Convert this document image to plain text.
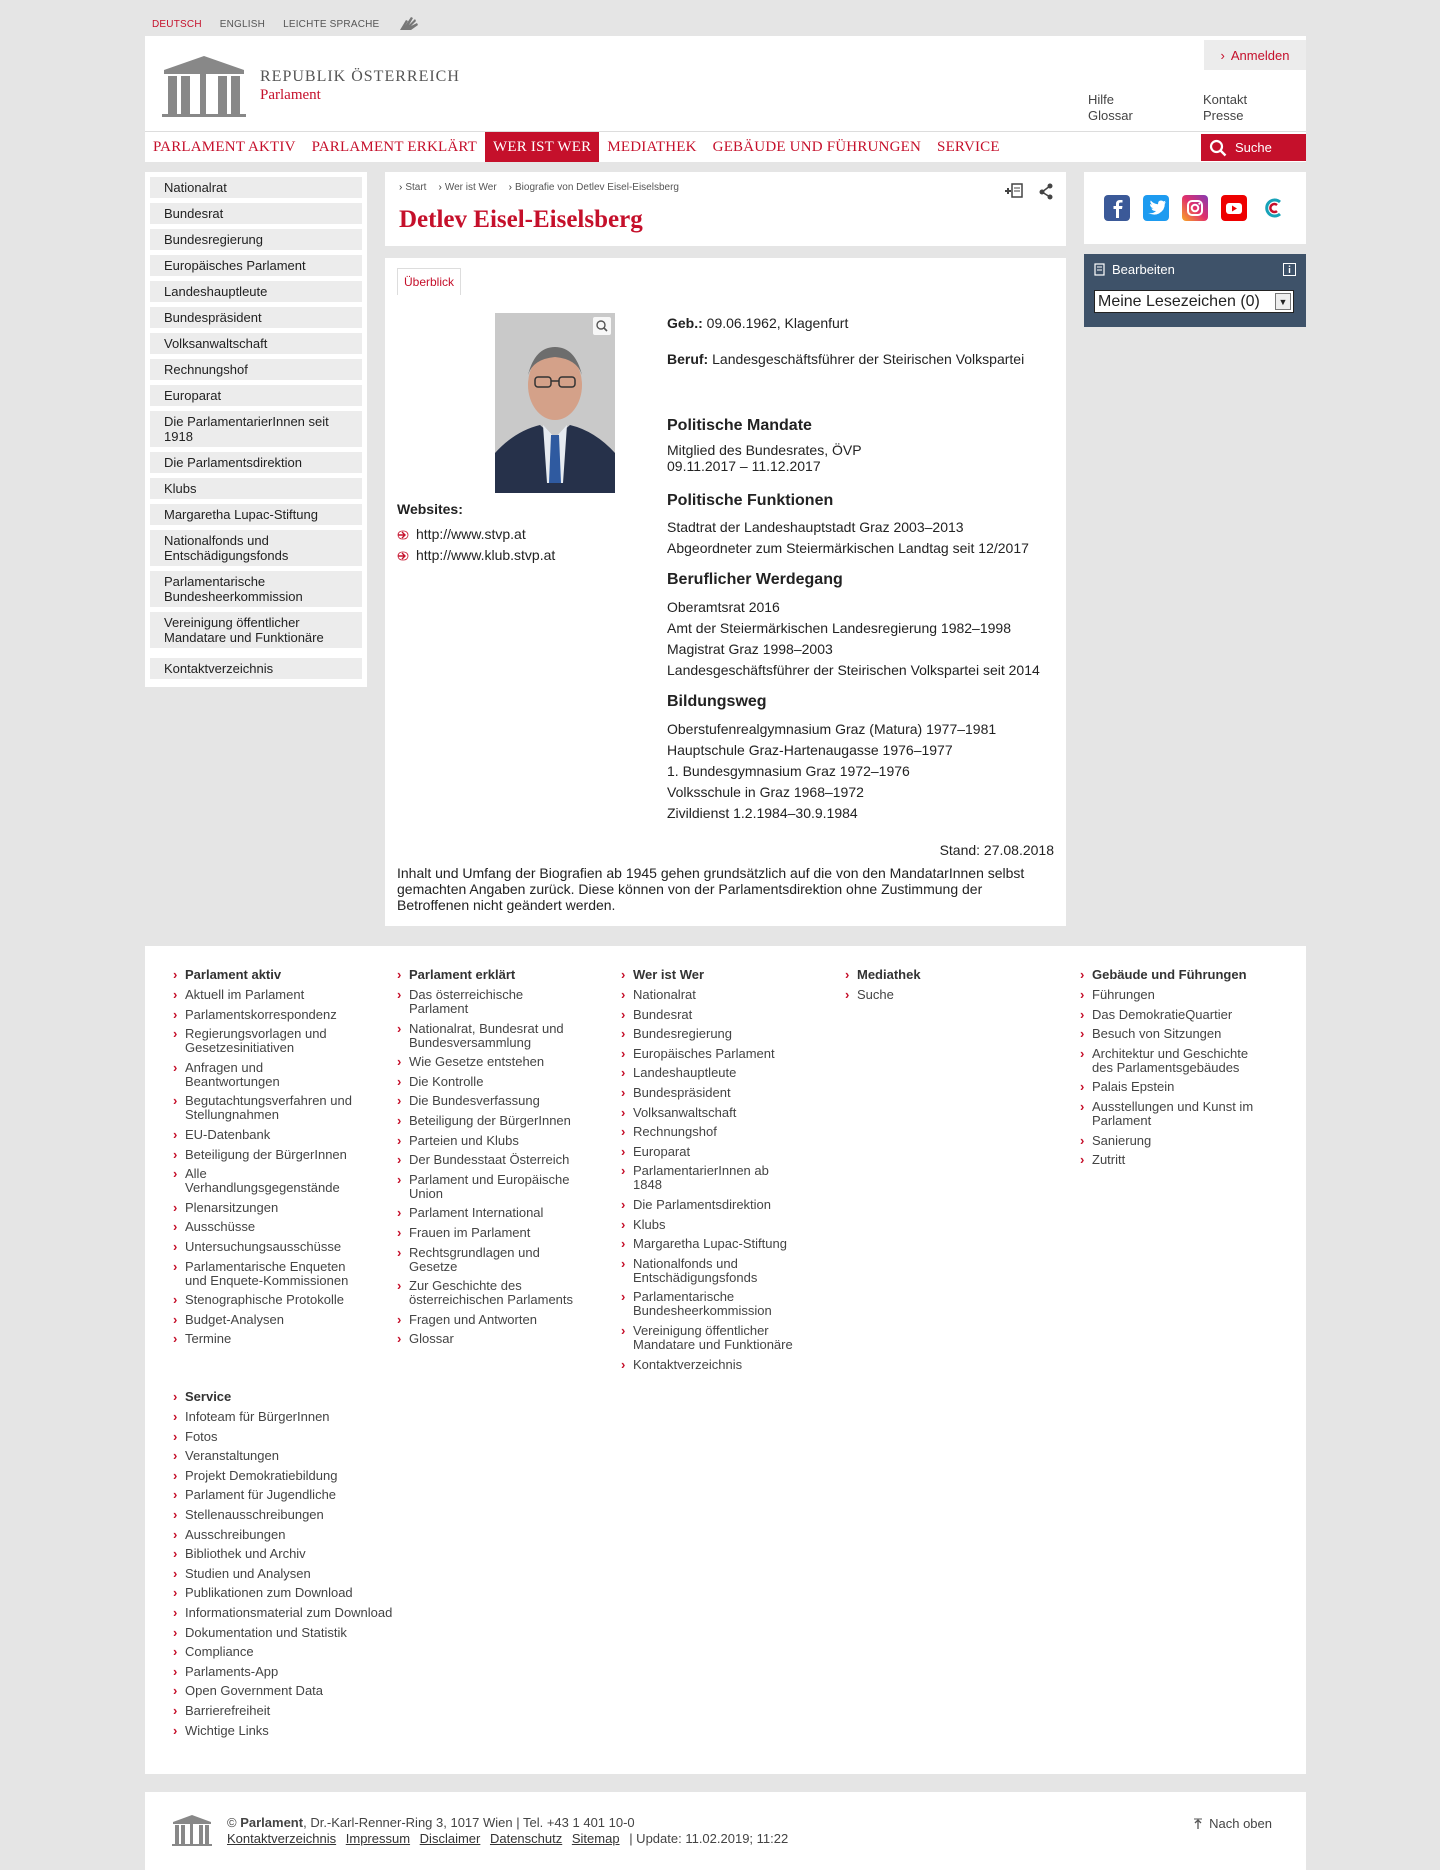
DEUTSCH ENGLISH LEICHTE SPRACHE
REPUBLIK ÖSTERREICH
Parlament
› Anmelden
Hilfe
Glossar
Kontakt
Presse
PARLAMENT AKTIV	PARLAMENT ERKLÄRT	WER IST WER	MEDIATHEK	GEBÄUDE UND FÜHRUNGEN	SERVICE	Suche
Nationalrat
Bundesrat
Bundesregierung
Europäisches Parlament
Landeshauptleute
Bundespräsident
Volksanwaltschaft
Rechnungshof
Europarat
Die ParlamentarierInnen seit 1918
Die Parlamentsdirektion
Klubs
Margaretha Lupac-Stiftung
Nationalfonds und Entschädigungsfonds
Parlamentarische Bundesheerkommission
Vereinigung öffentlicher Mandatare und Funktionäre
Kontaktverzeichnis
› Start	› Wer ist Wer	› Biografie von Detlev Eisel-Eiselsberg
Detlev Eisel-Eiselsberg
Überblick
Websites:
http://www.stvp.at
http://www.klub.stvp.at
Geb.: 09.06.1962, Klagenfurt
Beruf: Landesgeschäftsführer der Steirischen Volkspartei
Politische Mandate
Mitglied des Bundesrates, ÖVP
09.11.2017 – 11.12.2017
Politische Funktionen
Stadtrat der Landeshauptstadt Graz 2003–2013
Abgeordneter zum Steiermärkischen Landtag seit 12/2017
Beruflicher Werdegang
Oberamtsrat 2016
Amt der Steiermärkischen Landesregierung 1982–1998
Magistrat Graz 1998–2003
Landesgeschäftsführer der Steirischen Volkspartei seit 2014
Bildungsweg
Oberstufenrealgymnasium Graz (Matura) 1977–1981
Hauptschule Graz-Hartenaugasse 1976–1977
1. Bundesgymnasium Graz 1972–1976
Volksschule in Graz 1968–1972
Zivildienst 1.2.1984–30.9.1984
Stand: 27.08.2018
Inhalt und Umfang der Biografien ab 1945 gehen grundsätzlich auf die von den MandatarInnen selbst gemachten Angaben zurück. Diese können von der Parlamentsdirektion ohne Zustimmung der Betroffenen nicht geändert werden.
Bearbeiten
Meine Lesezeichen (0)	▼
› Parlament aktiv
› Aktuell im Parlament
› Parlamentskorrespondenz
› Regierungsvorlagen und Gesetzesinitiativen
› Anfragen und Beantwortungen
› Begutachtungsverfahren und Stellungnahmen
› EU-Datenbank
› Beteiligung der BürgerInnen
› Alle Verhandlungsgegenstände
› Plenarsitzungen
› Ausschüsse
› Untersuchungsausschüsse
› Parlamentarische Enqueten und Enquete-Kommissionen
› Stenographische Protokolle
› Budget-Analysen
› Termine
› Parlament erklärt
› Das österreichische Parlament
› Nationalrat, Bundesrat und Bundesversammlung
› Wie Gesetze entstehen
› Die Kontrolle
› Die Bundesverfassung
› Beteiligung der BürgerInnen
› Parteien und Klubs
› Der Bundesstaat Österreich
› Parlament und Europäische Union
› Parlament International
› Frauen im Parlament
› Rechtsgrundlagen und Gesetze
› Zur Geschichte des österreichischen Parlaments
› Fragen und Antworten
› Glossar
› Wer ist Wer
› Nationalrat
› Bundesrat
› Bundesregierung
› Europäisches Parlament
› Landeshauptleute
› Bundespräsident
› Volksanwaltschaft
› Rechnungshof
› Europarat
› ParlamentarierInnen ab 1848
› Die Parlamentsdirektion
› Klubs
› Margaretha Lupac-Stiftung
› Nationalfonds und Entschädigungsfonds
› Parlamentarische Bundesheerkommission
› Vereinigung öffentlicher Mandatare und Funktionäre
› Kontaktverzeichnis
› Mediathek
› Suche
› Gebäude und Führungen
› Führungen
› Das DemokratieQuartier
› Besuch von Sitzungen
› Architektur und Geschichte des Parlamentsgebäudes
› Palais Epstein
› Ausstellungen und Kunst im Parlament
› Sanierung
› Zutritt
› Service
› Infoteam für BürgerInnen
› Fotos
› Veranstaltungen
› Projekt Demokratiebildung
› Parlament für Jugendliche
› Stellenausschreibungen
› Ausschreibungen
› Bibliothek und Archiv
› Studien und Analysen
› Publikationen zum Download
› Informationsmaterial zum Download
› Dokumentation und Statistik
› Compliance
› Parlaments-App
› Open Government Data
› Barrierefreiheit
› Wichtige Links
© Parlament, Dr.-Karl-Renner-Ring 3, 1017 Wien | Tel. +43 1 401 10-0
Kontaktverzeichnis Impressum Disclaimer Datenschutz Sitemap | Update: 11.02.2019; 11:22
Nach oben
